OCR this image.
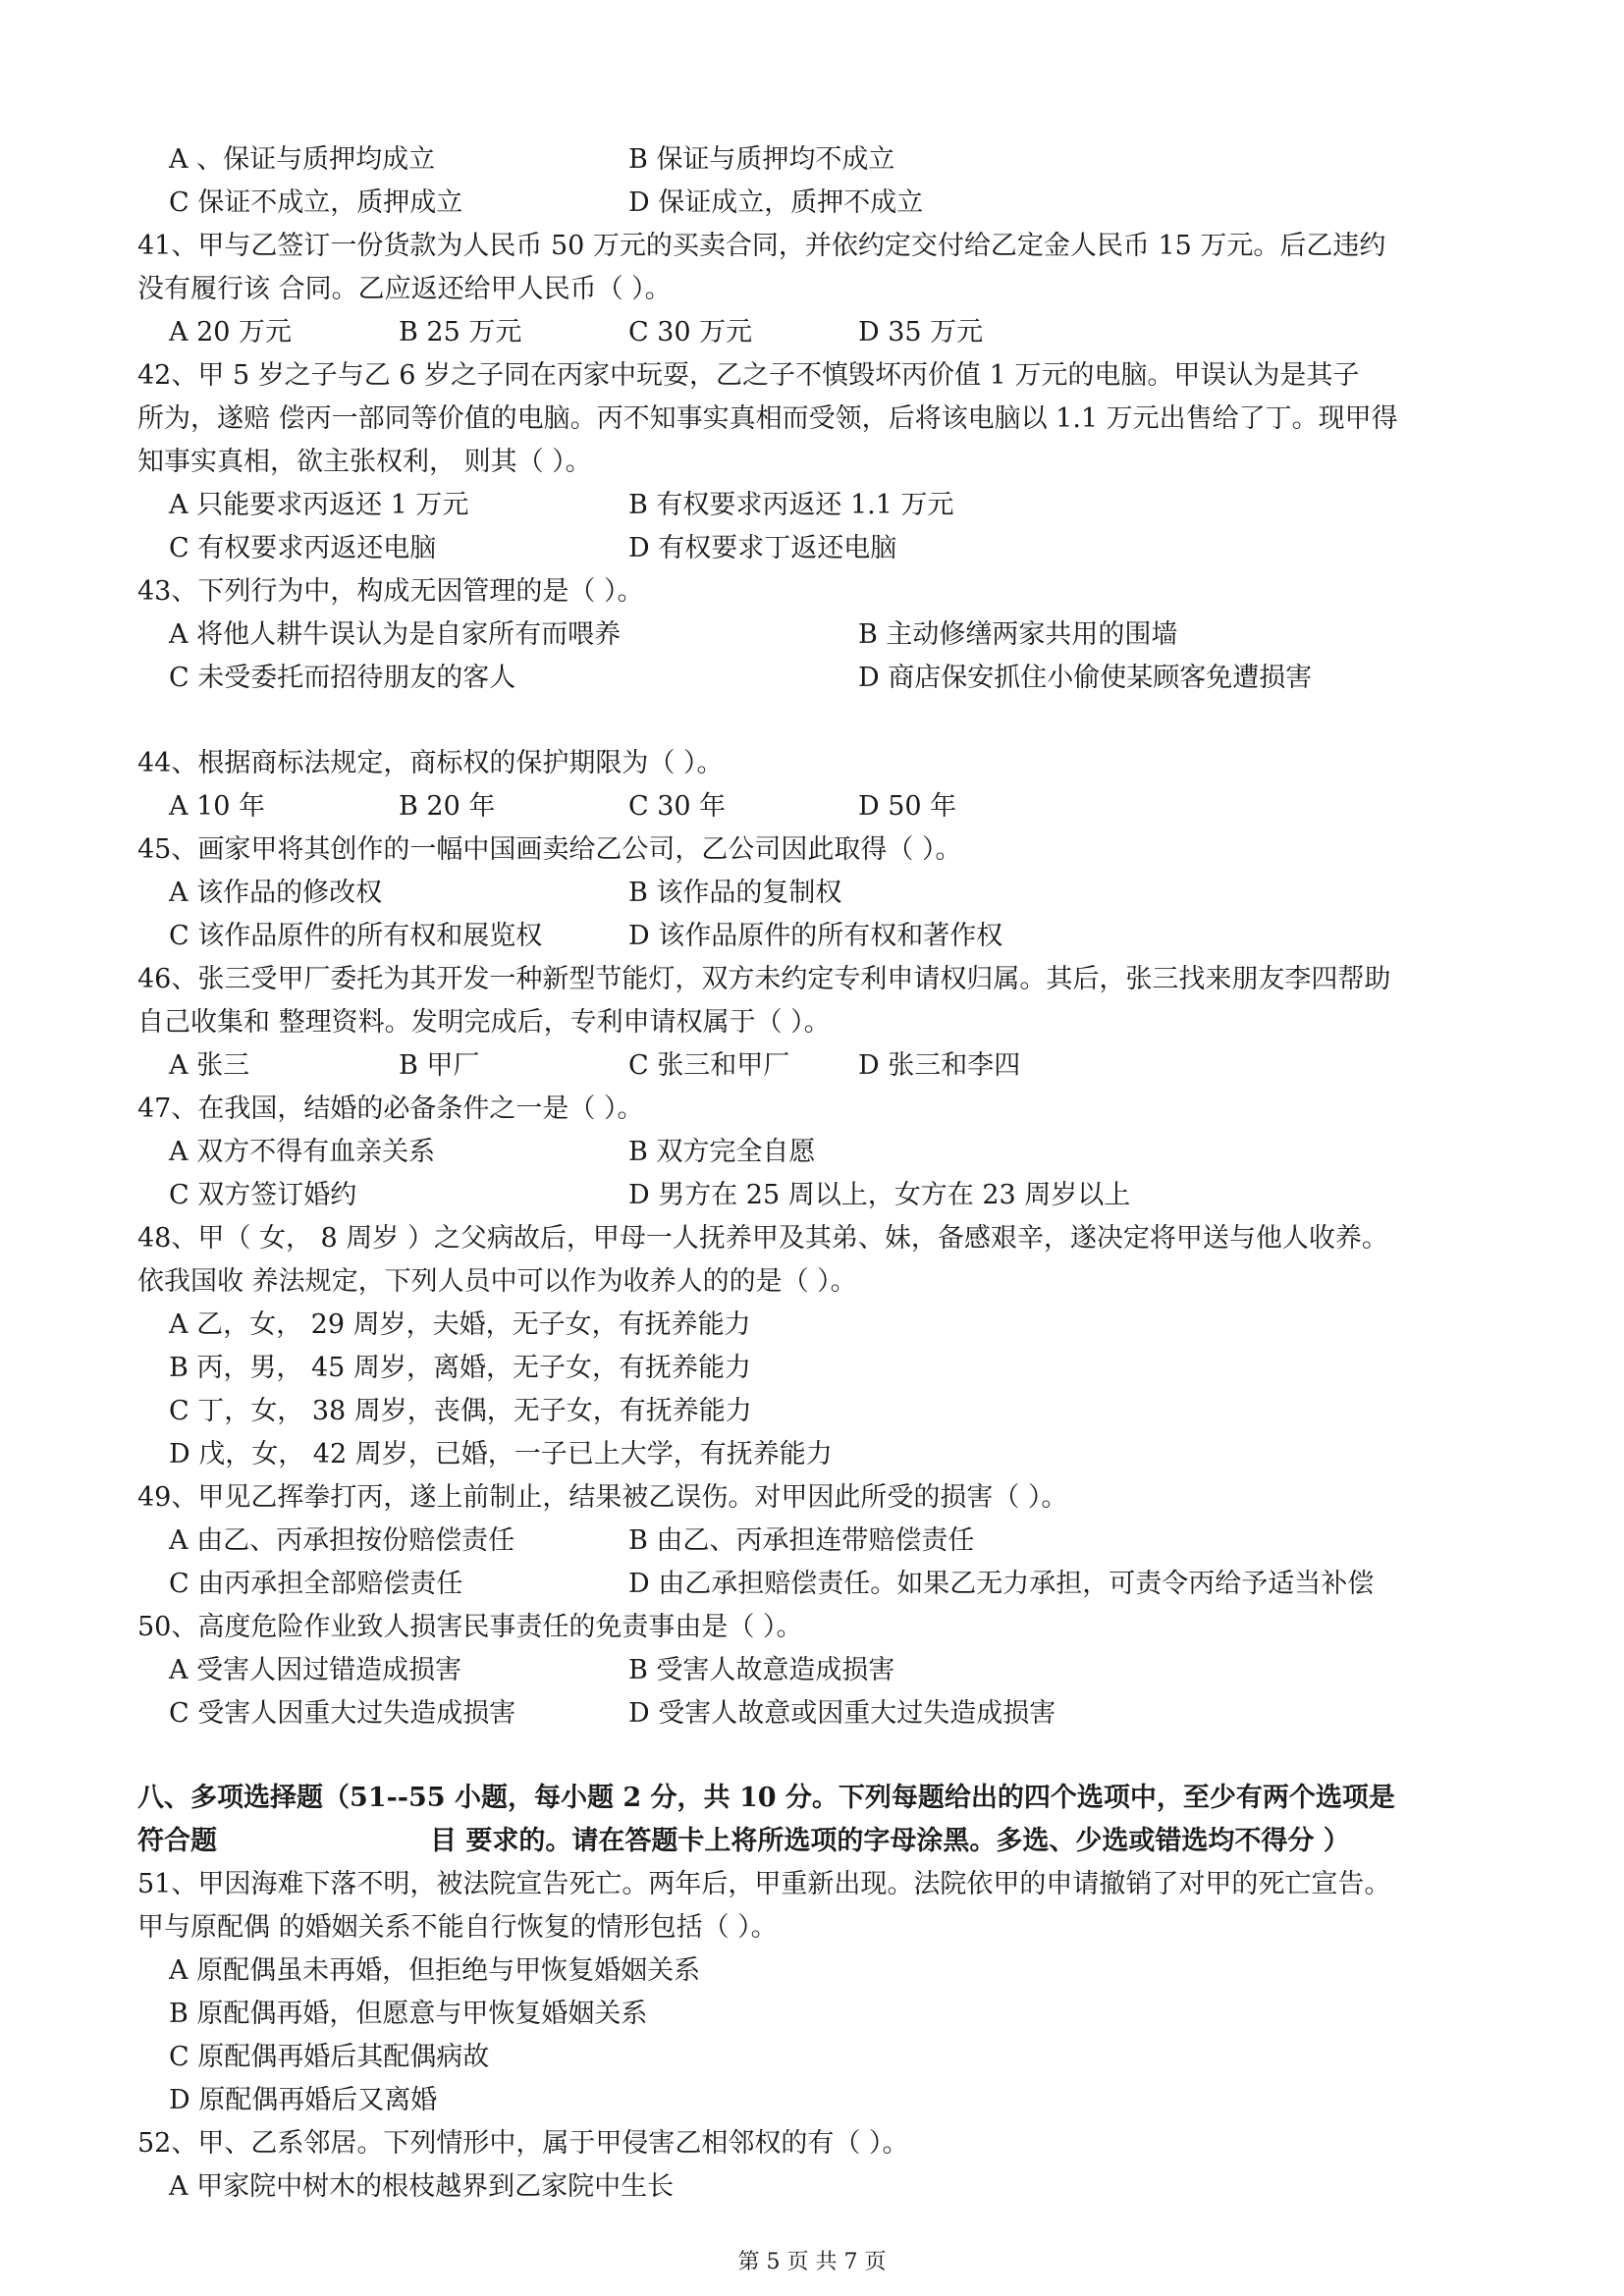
A 、保证与质押均成立	B 保证与质押均不成立
C 保证不成立，质押成立	D 保证成立，质押不成立
41、甲与乙签订一份货款为人民币 50 万元的买卖合同，并依约定交付给乙定金人民币 15 万元。后乙违约
没有履行该 合同。乙应返还给甲人民币（ ）。
A 20 万元	B 25 万元	C 30 万元	D 35 万元
42、甲 5 岁之子与乙 6 岁之子同在丙家中玩耍，乙之子不慎毁坏丙价值 1 万元的电脑。甲误认为是其子
所为，遂赔 偿丙一部同等价值的电脑。丙不知事实真相而受领，后将该电脑以 1.1 万元出售给了丁。现甲得
知事实真相，欲主张权利， 则其（ ）。
A 只能要求丙返还 1 万元	B 有权要求丙返还 1.1 万元
C 有权要求丙返还电脑	D 有权要求丁返还电脑
43、下列行为中，构成无因管理的是（ ）。
A 将他人耕牛误认为是自家所有而喂养	B 主动修缮两家共用的围墙
C 未受委托而招待朋友的客人	D 商店保安抓住小偷使某顾客免遭损害
44、根据商标法规定，商标权的保护期限为（ ）。
A 10 年	B 20 年	C 30 年	D 50 年
45、画家甲将其创作的一幅中国画卖给乙公司，乙公司因此取得（ ）。
A 该作品的修改权	B 该作品的复制权
C 该作品原件的所有权和展览权	D 该作品原件的所有权和著作权
46、张三受甲厂委托为其开发一种新型节能灯，双方未约定专利申请权归属。其后，张三找来朋友李四帮助
自己收集和 整理资料。发明完成后，专利申请权属于（ ）。
A 张三	B 甲厂	C 张三和甲厂	D 张三和李四
47、在我国，结婚的必备条件之一是（ ）。
A 双方不得有血亲关系	B 双方完全自愿
C 双方签订婚约	D 男方在 25 周以上，女方在 23 周岁以上
48、甲（ 女， 8 周岁 ）之父病故后，甲母一人抚养甲及其弟、妹，备感艰辛，遂决定将甲送与他人收养。
依我国收 养法规定，下列人员中可以作为收养人的的是（ ）。
A 乙，女， 29 周岁，夫婚，无子女，有抚养能力
B 丙，男， 45 周岁，离婚，无子女，有抚养能力
C 丁，女， 38 周岁，丧偶，无子女，有抚养能力
D 戊，女， 42 周岁，已婚，一子已上大学，有抚养能力
49、甲见乙挥拳打丙，遂上前制止，结果被乙误伤。对甲因此所受的损害（ ）。
A 由乙、丙承担按份赔偿责任	B 由乙、丙承担连带赔偿责任
C 由丙承担全部赔偿责任	D 由乙承担赔偿责任。如果乙无力承担，可责令丙给予适当补偿
50、高度危险作业致人损害民事责任的免责事由是（ ）。
A 受害人因过错造成损害	B 受害人故意造成损害
C 受害人因重大过失造成损害	D 受害人故意或因重大过失造成损害
八、多项选择题（51--55 小题，每小题 2 分，共 10 分。下列每题给出的四个选项中，至少有两个选项是
符合题	目 要求的。请在答题卡上将所选项的字母涂黑。多选、少选或错选均不得分 ）
51、甲因海难下落不明，被法院宣告死亡。两年后，甲重新出现。法院依甲的申请撤销了对甲的死亡宣告。
甲与原配偶 的婚姻关系不能自行恢复的情形包括（ ）。
A 原配偶虽未再婚，但拒绝与甲恢复婚姻关系
B 原配偶再婚，但愿意与甲恢复婚姻关系
C 原配偶再婚后其配偶病故
D 原配偶再婚后又离婚
52、甲、乙系邻居。下列情形中，属于甲侵害乙相邻权的有（ ）。
A 甲家院中树木的根枝越界到乙家院中生长
第 5 页 共 7 页
